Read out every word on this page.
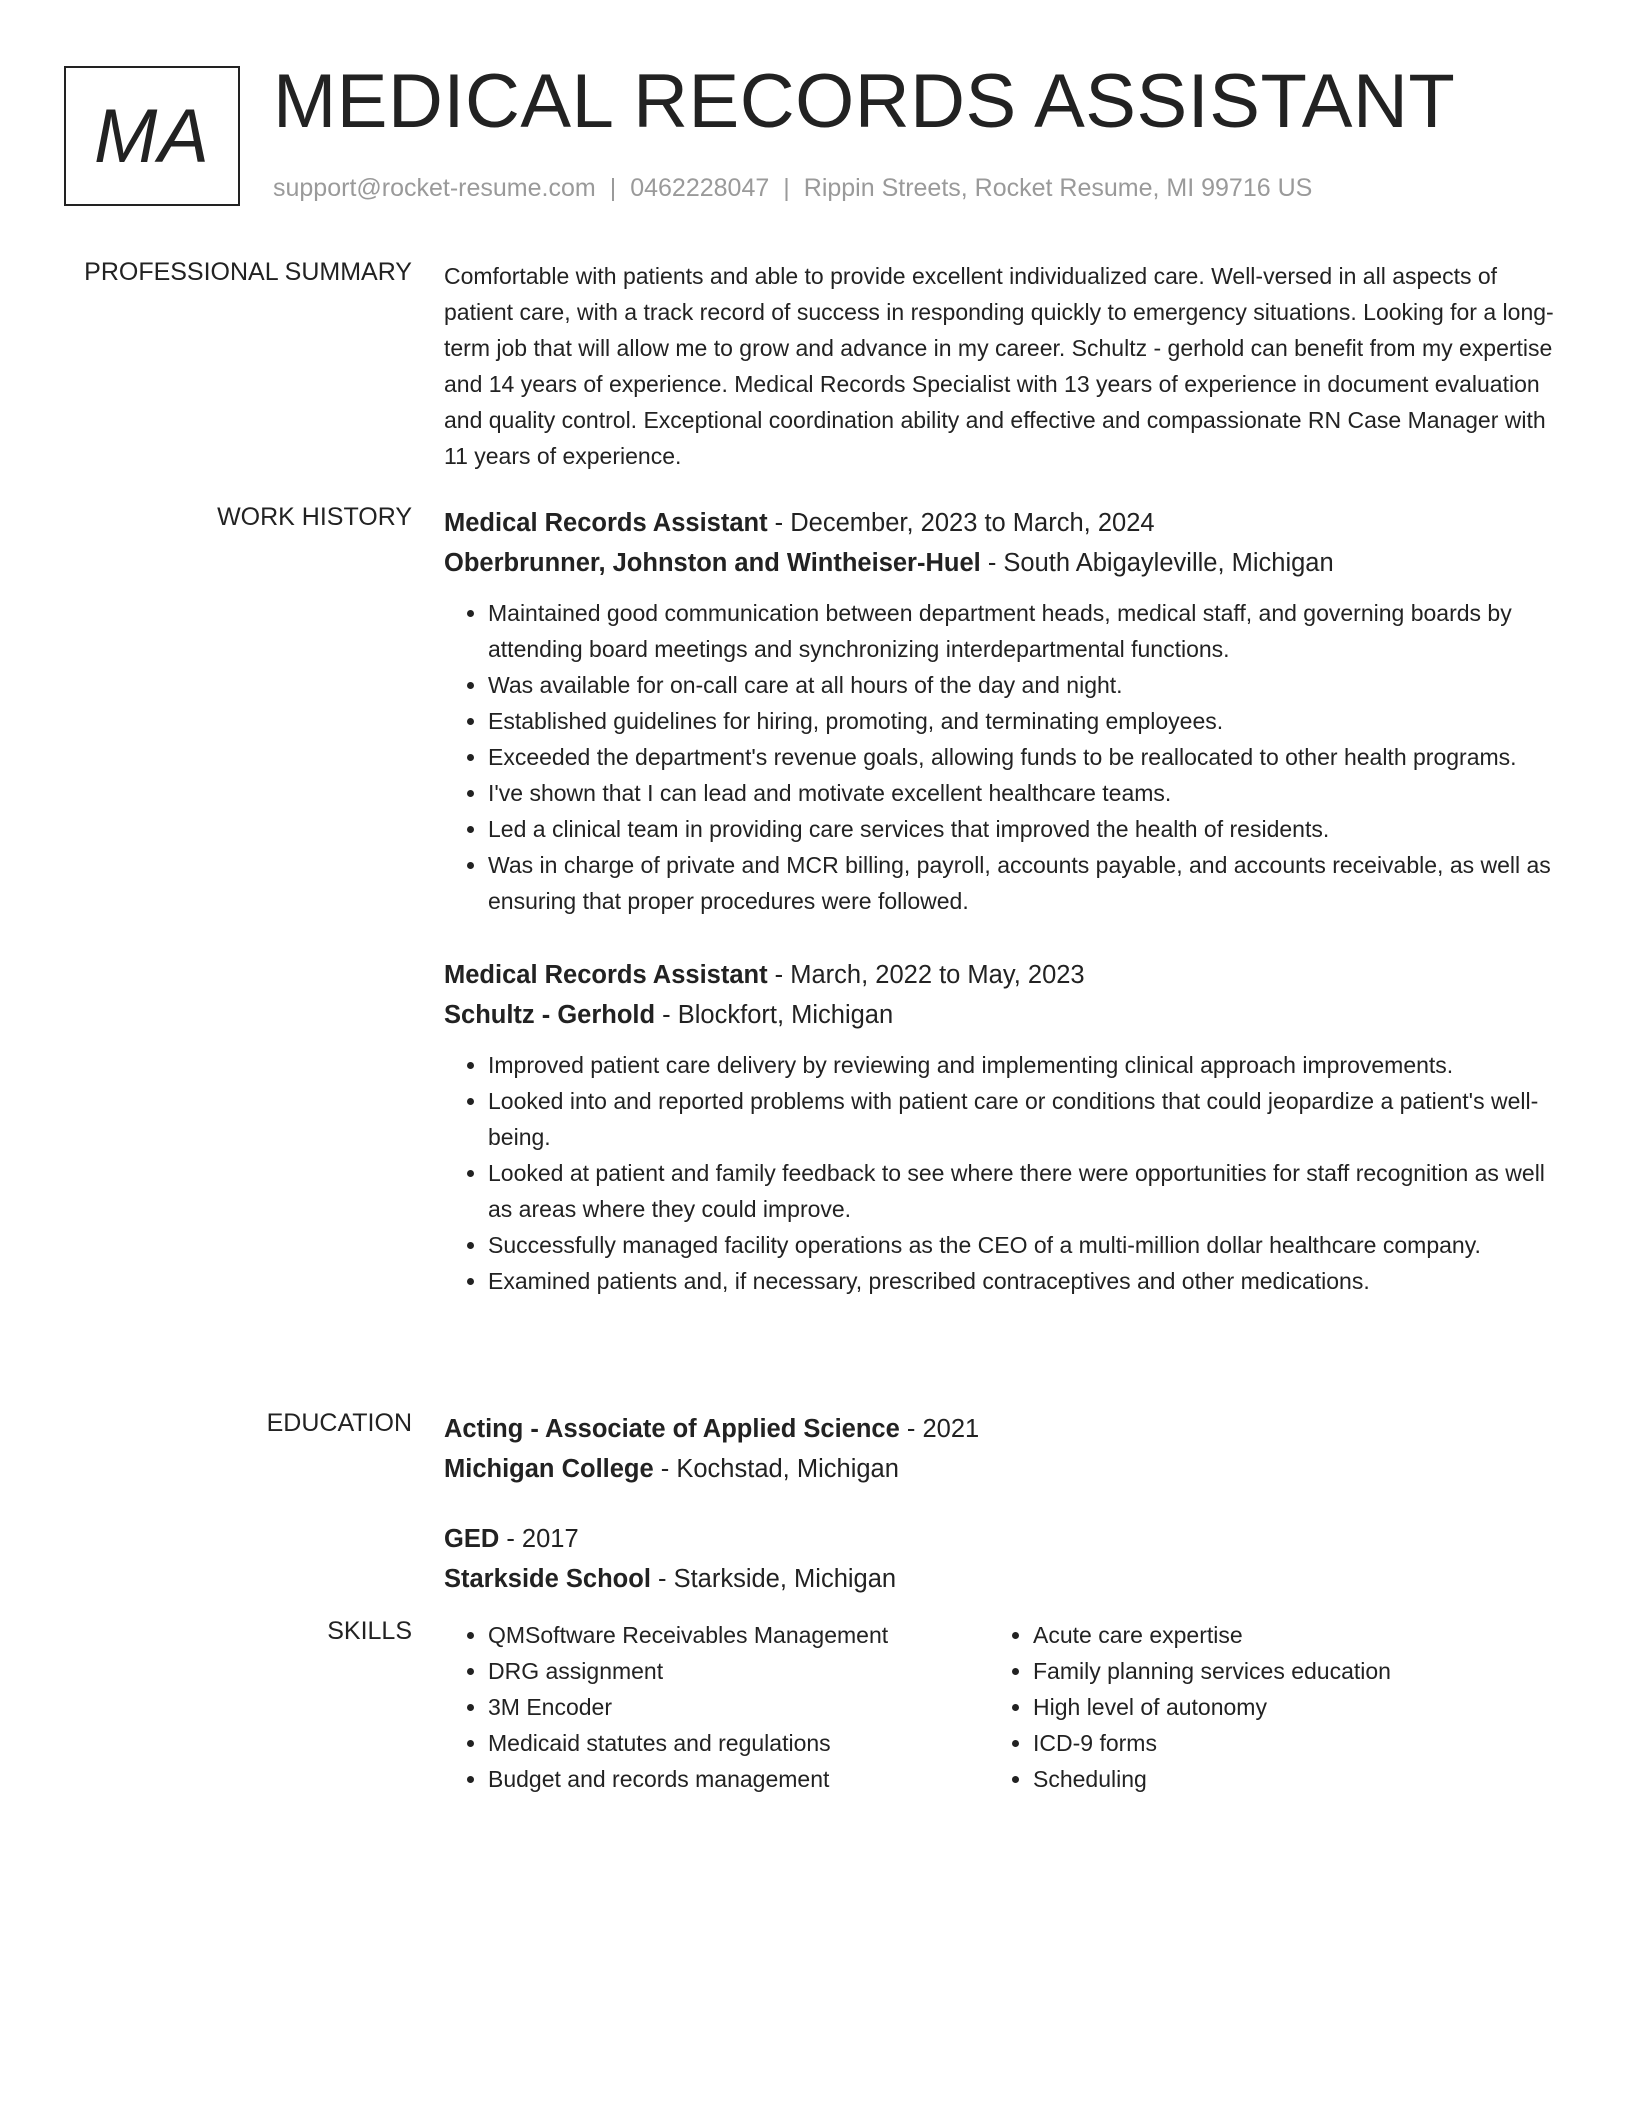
MA MEDICAL RECORDS ASSISTANT
support@rocket-resume.com | 0462228047 | Rippin Streets, Rocket Resume, MI 99716 US
PROFESSIONAL SUMMARY Comfortable with patients and able to provide excellent individualized care. Well-versed in all aspects of patient care, with a track record of success in responding quickly to emergency situations. Looking for a long-term job that will allow me to grow and advance in my career. Schultz - gerhold can benefit from my expertise and 14 years of experience. Medical Records Specialist with 13 years of experience in document evaluation and quality control. Exceptional coordination ability and effective and compassionate RN Case Manager with 11 years of experience.

WORK HISTORY Medical Records Assistant - December, 2023 to March, 2024
Oberbrunner, Johnston and Wintheiser-Huel - South Abigayleville, Michigan
• Maintained good communication between department heads, medical staff, and governing boards by attending board meetings and synchronizing interdepartmental functions.
• Was available for on-call care at all hours of the day and night.
• Established guidelines for hiring, promoting, and terminating employees.
• Exceeded the department's revenue goals, allowing funds to be reallocated to other health programs.
• I've shown that I can lead and motivate excellent healthcare teams.
• Led a clinical team in providing care services that improved the health of residents.
• Was in charge of private and MCR billing, payroll, accounts payable, and accounts receivable, as well as ensuring that proper procedures were followed.
Medical Records Assistant - March, 2022 to May, 2023
Schultz - Gerhold - Blockfort, Michigan
• Improved patient care delivery by reviewing and implementing clinical approach improvements.
• Looked into and reported problems with patient care or conditions that could jeopardize a patient's well-being.
• Looked at patient and family feedback to see where there were opportunities for staff recognition as well as areas where they could improve.
• Successfully managed facility operations as the CEO of a multi-million dollar healthcare company.
• Examined patients and, if necessary, prescribed contraceptives and other medications.
EDUCATION Acting - Associate of Applied Science - 2021
Michigan College - Kochstad, Michigan
GED - 2017
Starkside School - Starkside, Michigan
SKILLS
•	QMSoftware Receivables Management
• DRG assignment
• 3M Encoder
• Medicaid statutes and regulations
• Budget and records management
• Acute care expertise
• Family planning services education
• High level of autonomy
• ICD-9 forms
• Scheduling
